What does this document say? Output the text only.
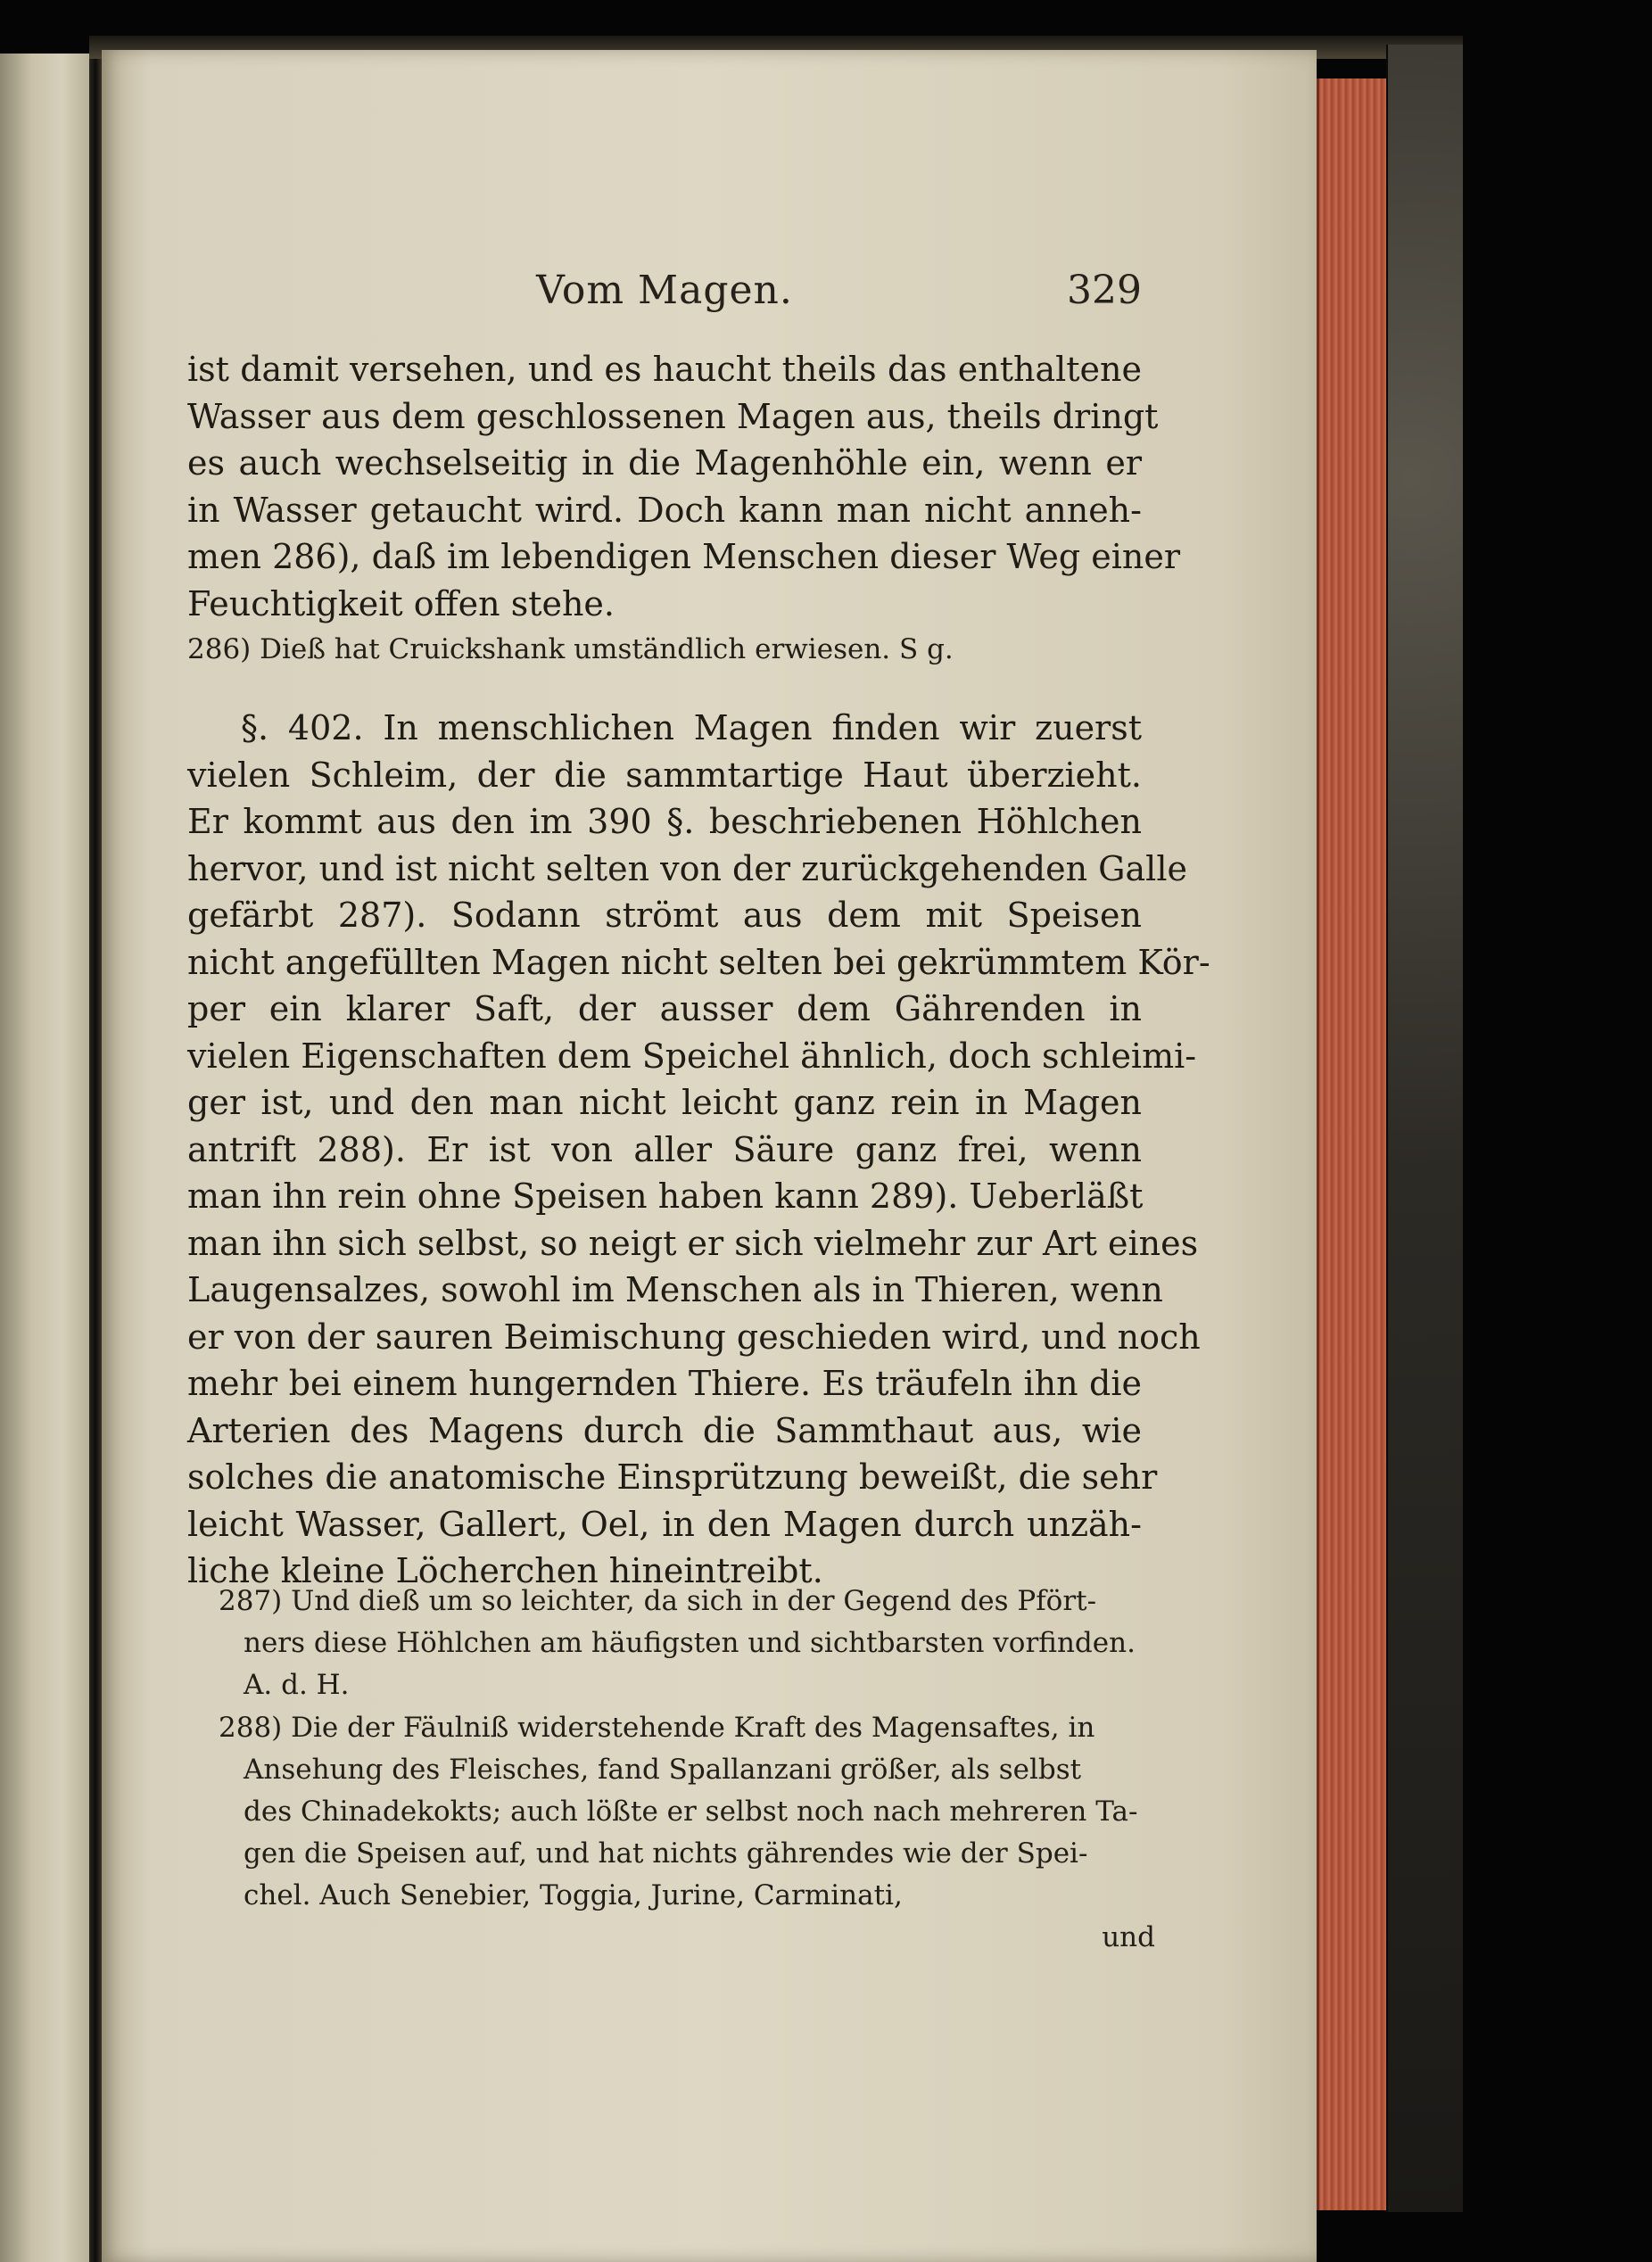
Vom Magen.	329
ist damit versehen, und es haucht theils das enthaltene
Wasser aus dem geschlossenen Magen aus, theils dringt
es auch wechselseitig in die Magenhöhle ein, wenn er
in Wasser getaucht wird. Doch kann man nicht anneh-
men 286), daß im lebendigen Menschen dieser Weg einer
Feuchtigkeit offen stehe.
286) Dieß hat Cruickshank umständlich erwiesen. S g.
§. 402. In menschlichen Magen finden wir zuerst
vielen Schleim, der die sammtartige Haut überzieht.
Er kommt aus den im 390 §. beschriebenen Höhlchen
hervor, und ist nicht selten von der zurückgehenden Galle
gefärbt 287). Sodann strömt aus dem mit Speisen
nicht angefüllten Magen nicht selten bei gekrümmtem Kör-
per ein klarer Saft, der ausser dem Gährenden in
vielen Eigenschaften dem Speichel ähnlich, doch schleimi-
ger ist, und den man nicht leicht ganz rein in Magen
antrift 288). Er ist von aller Säure ganz frei, wenn
man ihn rein ohne Speisen haben kann 289). Ueberläßt
man ihn sich selbst, so neigt er sich vielmehr zur Art eines
Laugensalzes, sowohl im Menschen als in Thieren, wenn
er von der sauren Beimischung geschieden wird, und noch
mehr bei einem hungernden Thiere. Es träufeln ihn die
Arterien des Magens durch die Sammthaut aus, wie
solches die anatomische Einsprützung beweißt, die sehr
leicht Wasser, Gallert, Oel, in den Magen durch unzäh-
liche kleine Löcherchen hineintreibt.
287) Und dieß um so leichter, da sich in der Gegend des Pfört-
ners diese Höhlchen am häufigsten und sichtbarsten vorfinden.
A. d. H.
288) Die der Fäulniß widerstehende Kraft des Magensaftes, in
Ansehung des Fleisches, fand Spallanzani größer, als selbst
des Chinadekokts; auch lößte er selbst noch nach mehreren Ta-
gen die Speisen auf, und hat nichts gährendes wie der Spei-
chel. Auch Senebier, Toggia, Jurine, Carminati,
und
